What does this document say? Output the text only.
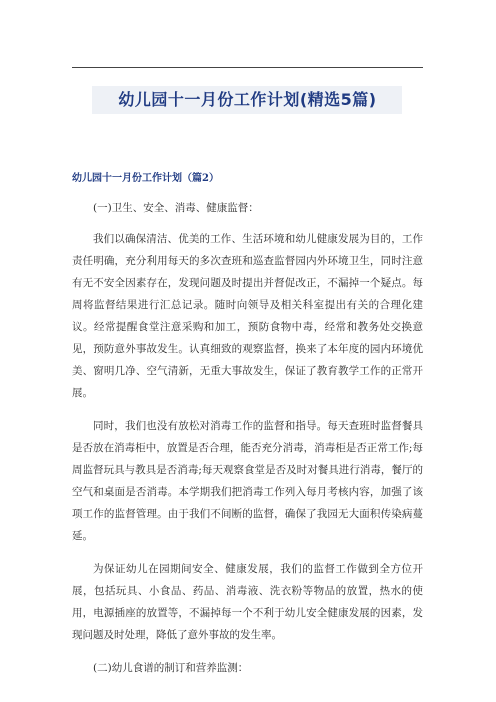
幼儿园十一月份工作计划(精选5篇)
幼儿园十一月份工作计划（篇2）

(一)卫生、安全、消毒、健康监督：

我们以确保清洁、优美的工作、生活环境和幼儿健康发展为目的，工作责任明确，充分利用每天的多次查班和巡查监督园内外环境卫生，同时注意有无不安全因素存在，发现问题及时提出并督促改正，不漏掉一个疑点。每周将监督结果进行汇总记录。随时向领导及相关科室提出有关的合理化建议。经常提醒食堂注意采购和加工，预防食物中毒，经常和教务处交换意见，预防意外事故发生。认真细致的观察监督，换来了本年度的园内环境优美、窗明几净、空气清新，无重大事故发生，保证了教育教学工作的正常开展。

同时，我们也没有放松对消毒工作的监督和指导。每天查班时监督餐具是否放在消毒柜中，放置是否合理，能否充分消毒，消毒柜是否正常工作;每周监督玩具与教具是否消毒;每天观察食堂是否及时对餐具进行消毒，餐厅的空气和桌面是否消毒。本学期我们把消毒工作列入每月考核内容，加强了该项工作的监督管理。由于我们不间断的监督，确保了我园无大面积传染病蔓延。

为保证幼儿在园期间安全、健康发展，我们的监督工作做到全方位开展，包括玩具、小食品、药品、消毒液、洗衣粉等物品的放置，热水的使用，电源插座的放置等，不漏掉每一个不利于幼儿安全健康发展的因素，发现问题及时处理，降低了意外事故的发生率。

(二)幼儿食谱的制订和营养监测：
